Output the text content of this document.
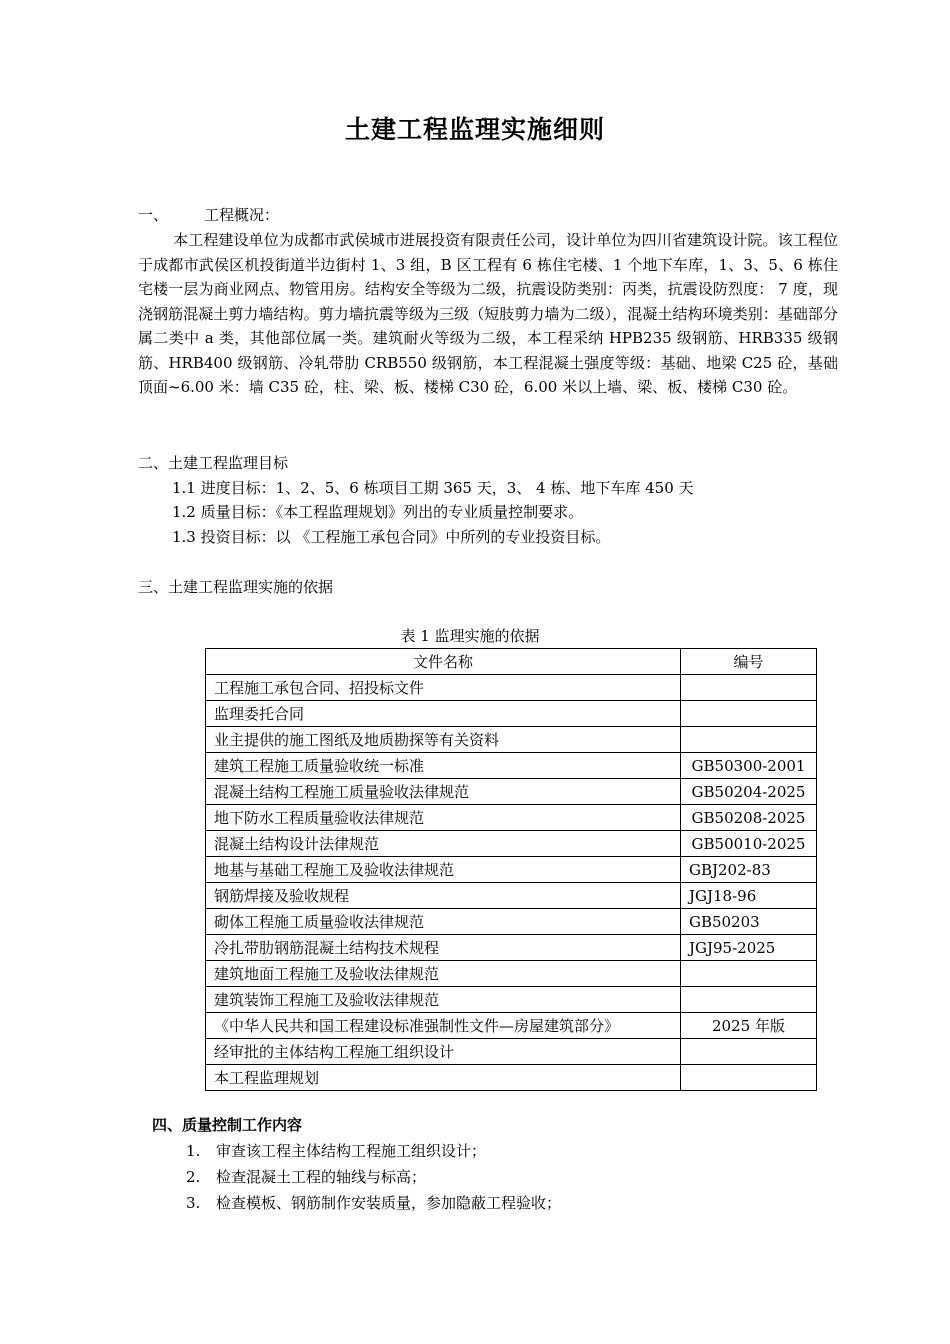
土建工程监理实施细则
一、 工程概况：
本工程建设单位为成都市武侯城市进展投资有限责任公司，设计单位为四川省建筑设计院。该工程位于成都市武侯区机投街道半边街村 1、3 组，B 区工程有 6 栋住宅楼、1 个地下车库，1、3、5、6 栋住宅楼一层为商业网点、物管用房。结构安全等级为二级，抗震设防类别：丙类，抗震设防烈度： 7 度，现浇钢筋混凝土剪力墙结构。剪力墙抗震等级为三级（短肢剪力墙为二级），混凝土结构环境类别：基础部分属二类中 a 类，其他部位属一类。建筑耐火等级为二级，本工程采纳 HPB235 级钢筋、HRB335 级钢筋、HRB400 级钢筋、冷轧带肋 CRB550 级钢筋，本工程混凝土强度等级：基础、地梁 C25 砼，基础顶面~6.00 米：墙 C35 砼，柱、梁、板、楼梯 C30 砼，6.00 米以上墙、梁、板、楼梯 C30 砼。
二、土建工程监理目标
1.1 进度目标：1、2、5、6 栋项目工期 365 天，3、 4 栋、地下车库 450 天
1.2 质量目标：《本工程监理规划》列出的专业质量控制要求。
1.3 投资目标：以 《工程施工承包合同》中所列的专业投资目标。
三、土建工程监理实施的依据
表 1 监理实施的依据
文件名称	编号
工程施工承包合同、招投标文件	
监理委托合同	
业主提供的施工图纸及地质勘探等有关资料	
建筑工程施工质量验收统一标准	GB50300-2001
混凝土结构工程施工质量验收法律规范	GB50204-2025
地下防水工程质量验收法律规范	GB50208-2025
混凝土结构设计法律规范	GB50010-2025
地基与基础工程施工及验收法律规范	GBJ202-83
钢筋焊接及验收规程	JGJ18-96
砌体工程施工质量验收法律规范	GB50203
冷扎带肋钢筋混凝土结构技术规程	JGJ95-2025
建筑地面工程施工及验收法律规范	
建筑装饰工程施工及验收法律规范	
《中华人民共和国工程建设标准强制性文件—房屋建筑部分》	2025 年版
经审批的主体结构工程施工组织设计	
本工程监理规划	
四、质量控制工作内容
1. 审查该工程主体结构工程施工组织设计；
2. 检查混凝土工程的轴线与标高；
3. 检查模板、钢筋制作安装质量，参加隐蔽工程验收；
